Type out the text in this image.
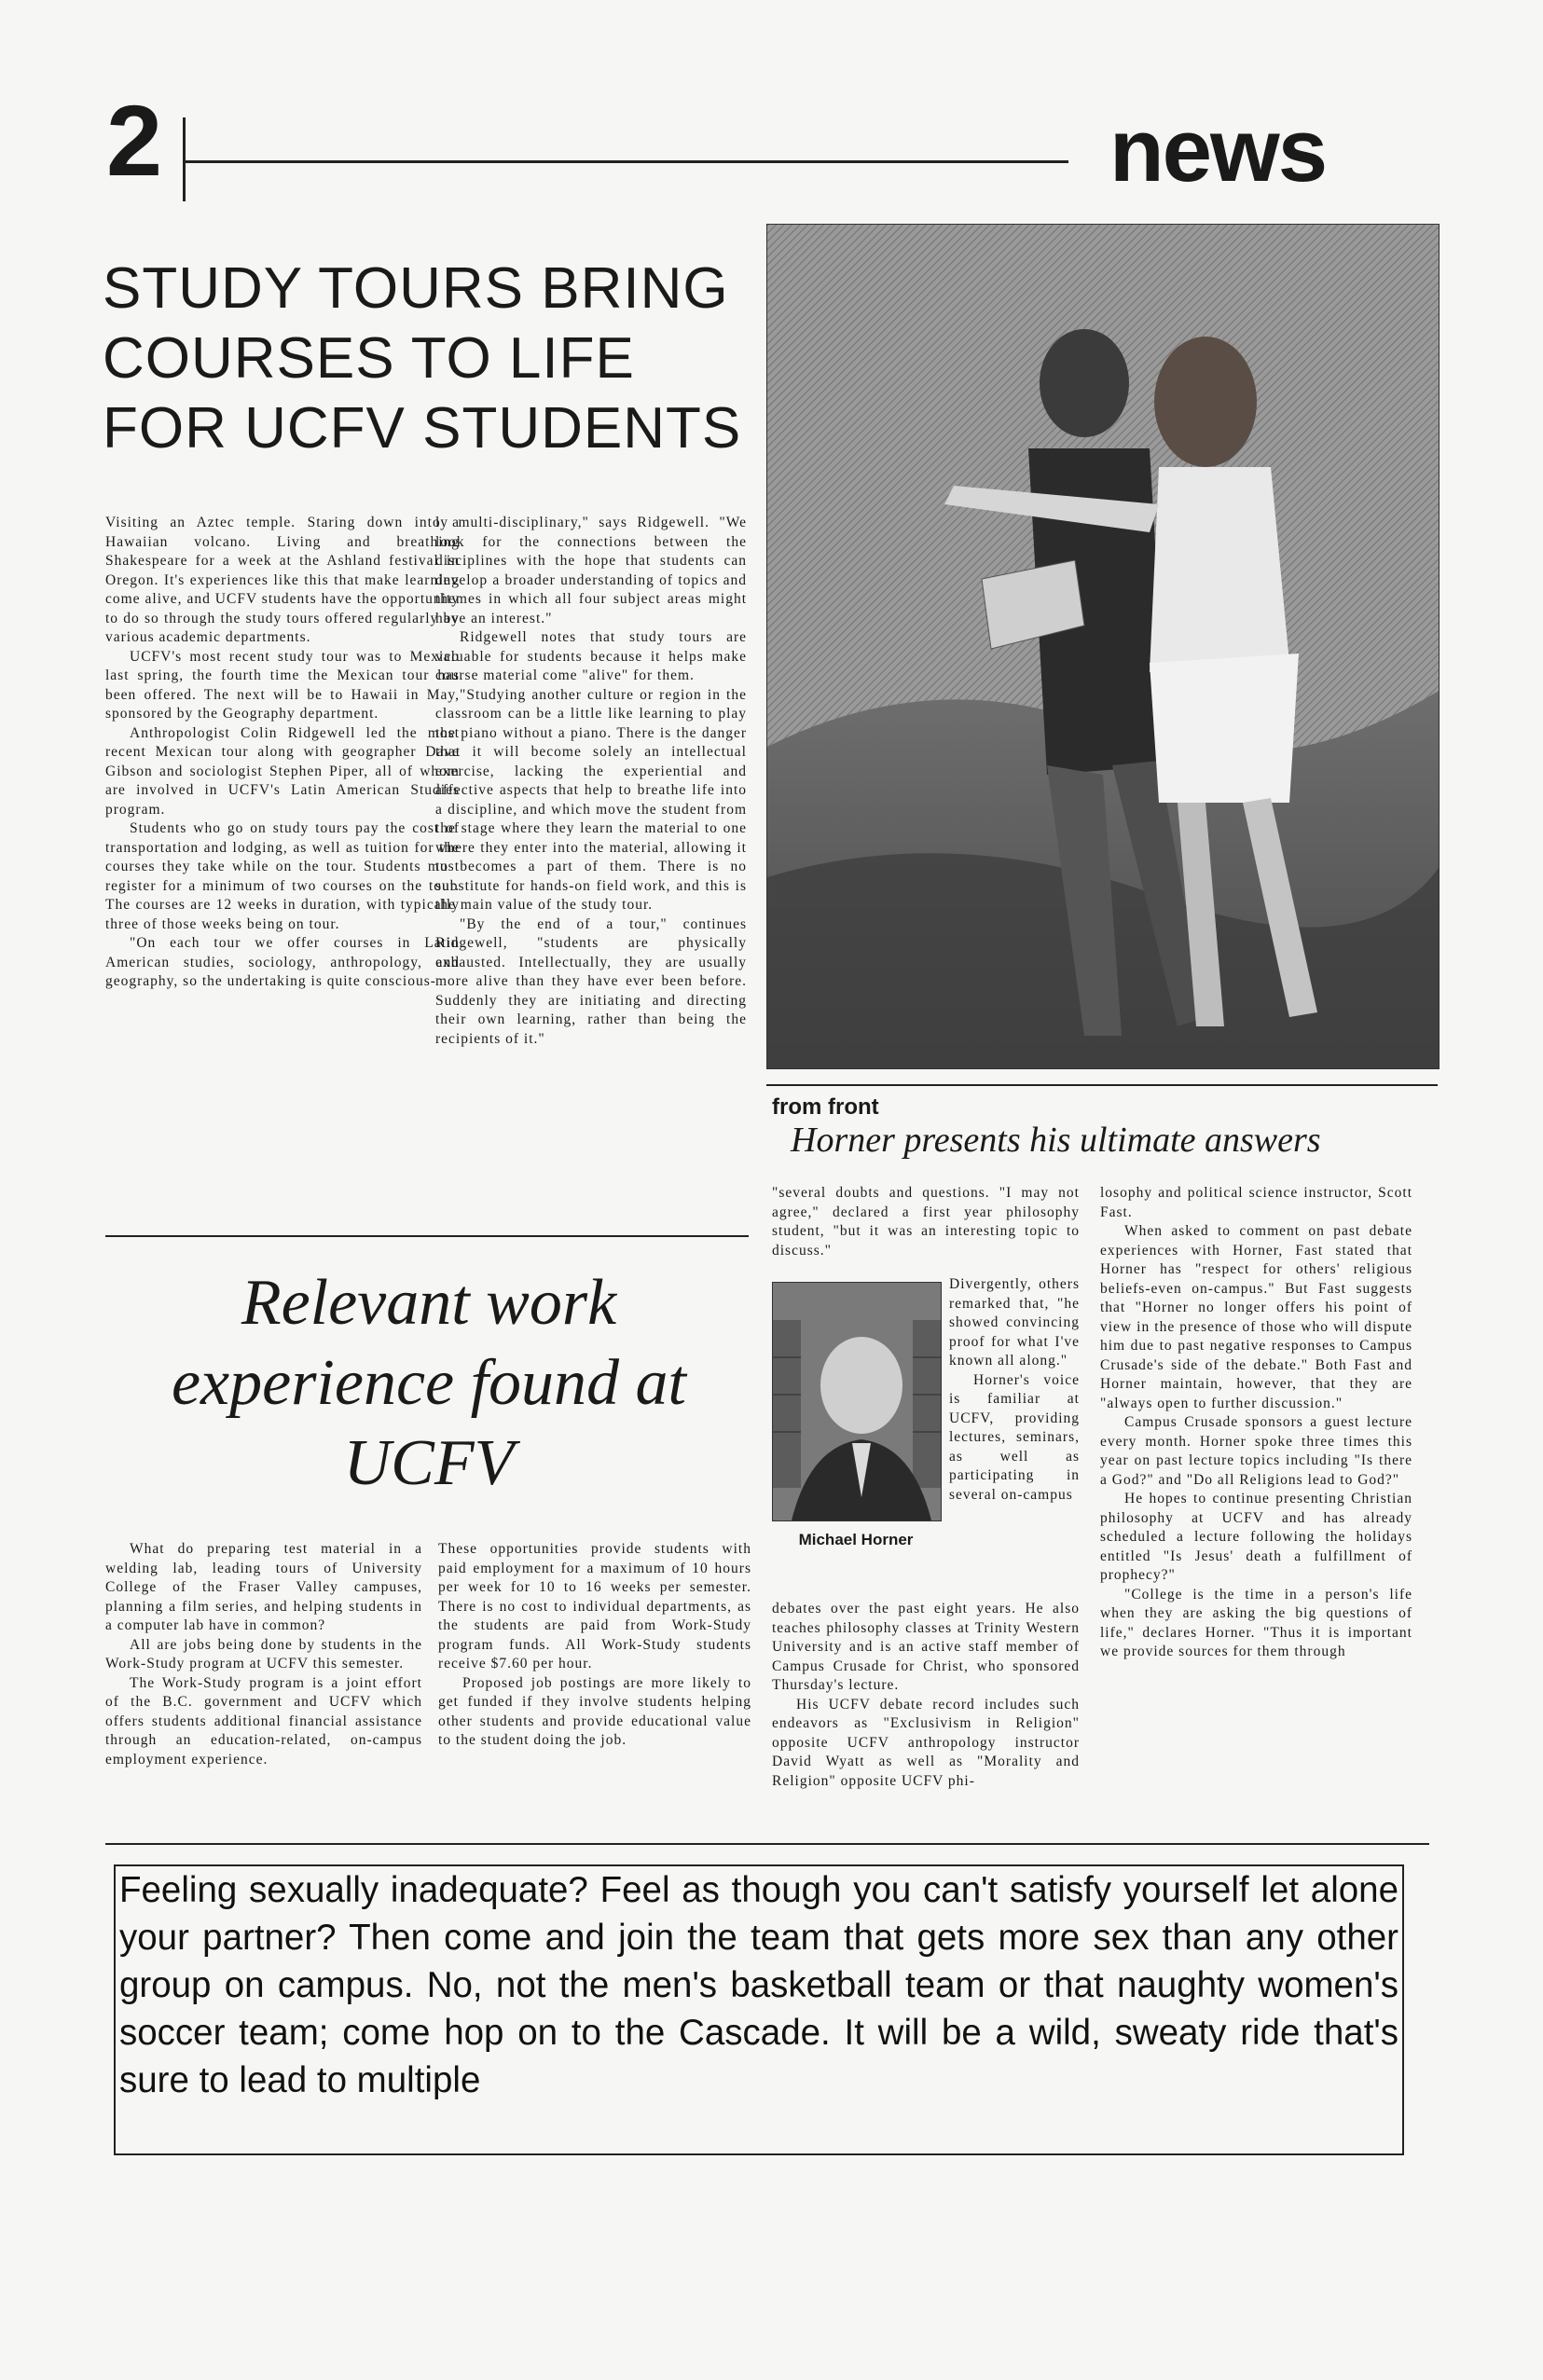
2	news
STUDY TOURS BRING COURSES TO LIFE FOR UCFV STUDENTS

Visiting an Aztec temple. Staring down into a Hawaiian volcano. Living and breathing Shakespeare for a week at the Ashland festival in Oregon. It's experiences like this that make learning come alive, and UCFV students have the opportunity to do so through the study tours offered regularly by various academic departments.

UCFV's most recent study tour was to Mexico last spring, the fourth time the Mexican tour has been offered. The next will be to Hawaii in May, sponsored by the Geography department.

Anthropologist Colin Ridgewell led the most recent Mexican tour along with geographer Dave Gibson and sociologist Stephen Piper, all of whom are involved in UCFV's Latin American Studies program.

Students who go on study tours pay the cost of transportation and lodging, as well as tuition for the courses they take while on the tour. Students must register for a minimum of two courses on the tour. The courses are 12 weeks in duration, with typically three of those weeks being on tour.

"On each tour we offer courses in Latin American studies, sociology, anthropology, and geography, so the undertaking is quite conscious-

ly multi-disciplinary," says Ridgewell. "We look for the connections between the disciplines with the hope that students can develop a broader understanding of topics and themes in which all four subject areas might have an interest."

Ridgewell notes that study tours are valuable for students because it helps make course material come "alive" for them.

"Studying another culture or region in the classroom can be a little like learning to play the piano without a piano. There is the danger that it will become solely an intellectual exercise, lacking the experiential and affective aspects that help to breathe life into a discipline, and which move the student from the stage where they learn the material to one where they enter into the material, allowing it to becomes a part of them. There is no substitute for hands-on field work, and this is the main value of the study tour.

"By the end of a tour," continues Ridgewell, "students are physically exhausted. Intellectually, they are usually more alive than they have ever been before. Suddenly they are initiating and directing their own learning, rather than being the recipients of it."

Relevant work experience found at UCFV

What do preparing test material in a welding lab, leading tours of University College of the Fraser Valley campuses, planning a film series, and helping students in a computer lab have in common?

All are jobs being done by students in the Work-Study program at UCFV this semester.

The Work-Study program is a joint effort of the B.C. government and UCFV which offers students additional financial assistance through an education-related, on-campus employment experience.

These opportunities provide students with paid employment for a maximum of 10 hours per week for 10 to 16 weeks per semester. There is no cost to individual departments, as the students are paid from Work-Study program funds. All Work-Study students receive $7.60 per hour.

Proposed job postings are more likely to get funded if they involve students helping other students and provide educational value to the student doing the job.

from front
Horner presents his ultimate answers

"several doubts and questions. "I may not agree," declared a first year philosophy student, "but it was an interesting topic to discuss."

Michael Horner

Divergently, others remarked that, "he showed convincing proof for what I've known all along."

Horner's voice is familiar at UCFV, providing lectures, seminars, as well as participating in several on-campus

debates over the past eight years. He also teaches philosophy classes at Trinity Western University and is an active staff member of Campus Crusade for Christ, who sponsored Thursday's lecture.

His UCFV debate record includes such endeavors as "Exclusivism in Religion" opposite UCFV anthropology instructor David Wyatt as well as "Morality and Religion" opposite UCFV phi-

losophy and political science instructor, Scott Fast.

When asked to comment on past debate experiences with Horner, Fast stated that Horner has "respect for others' religious beliefs-even on-campus." But Fast suggests that "Horner no longer offers his point of view in the presence of those who will dispute him due to past negative responses to Campus Crusade's side of the debate." Both Fast and Horner maintain, however, that they are "always open to further discussion."

Campus Crusade sponsors a guest lecture every month. Horner spoke three times this year on past lecture topics including "Is there a God?" and "Do all Religions lead to God?"

He hopes to continue presenting Christian philosophy at UCFV and has already scheduled a lecture following the holidays entitled "Is Jesus' death a fulfillment of prophecy?"

"College is the time in a person's life when they are asking the big questions of life," declares Horner. "Thus it is important we provide sources for them through

Feeling sexually inadequate? Feel as though you can't satisfy yourself let alone your partner? Then come and join the team that gets more sex than any other group on campus. No, not the men's basketball team or that naughty women's soccer team; come hop on to the Cascade. It will be a wild, sweaty ride that's sure to lead to multiple
